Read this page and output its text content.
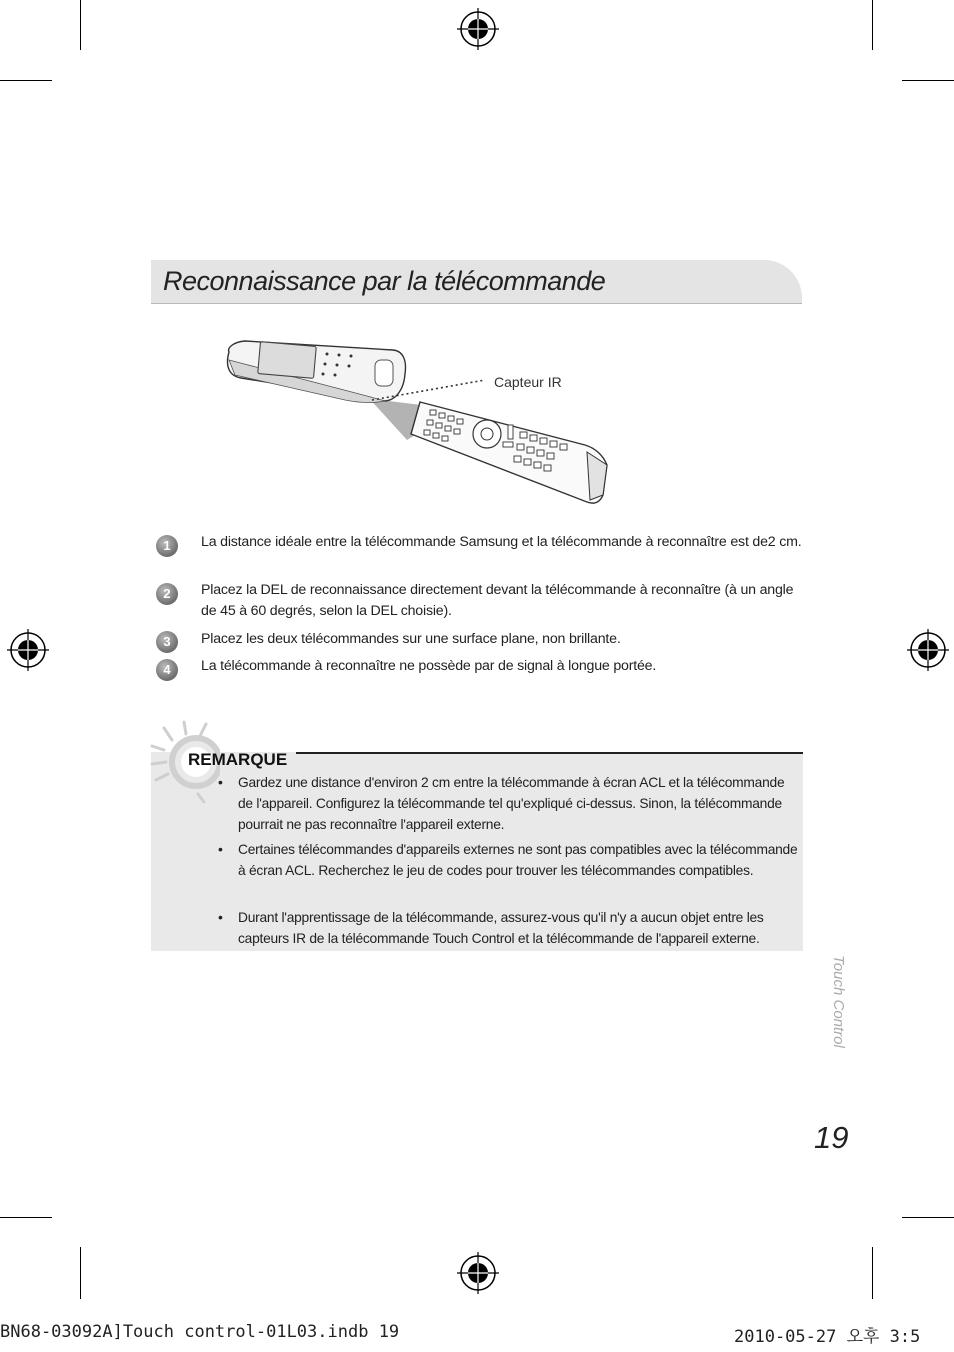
Reconnaissance par la télécommande
Capteur IR
1	La distance idéale entre la télécommande Samsung et la télécommande à reconnaître est de2 cm.
2	Placez la DEL de reconnaissance directement devant la télécommande à reconnaître (à un angle de 45 à 60 degrés, selon la DEL choisie).
3	Placez les deux télécommandes sur une surface plane, non brillante.
4	La télécommande à reconnaître ne possède par de signal à longue portée.
REMARQUE
• Gardez une distance d'environ 2 cm entre la télécommande à écran ACL et la télécommande de l'appareil. Configurez la télécommande tel qu'expliqué ci-dessus. Sinon, la télécommande pourrait ne pas reconnaître l'appareil externe.
• Certaines télécommandes d'appareils externes ne sont pas compatibles avec la télécommande à écran ACL. Recherchez le jeu de codes pour trouver les télécommandes compatibles.
• Durant l'apprentissage de la télécommande, assurez-vous qu'il n'y a aucun objet entre les capteurs IR de la télécommande Touch Control et la télécommande de l'appareil externe.
Touch Control
19
BN68-03092A]Touch control-01L03.indb 19	2010-05-27 오후 3:5
